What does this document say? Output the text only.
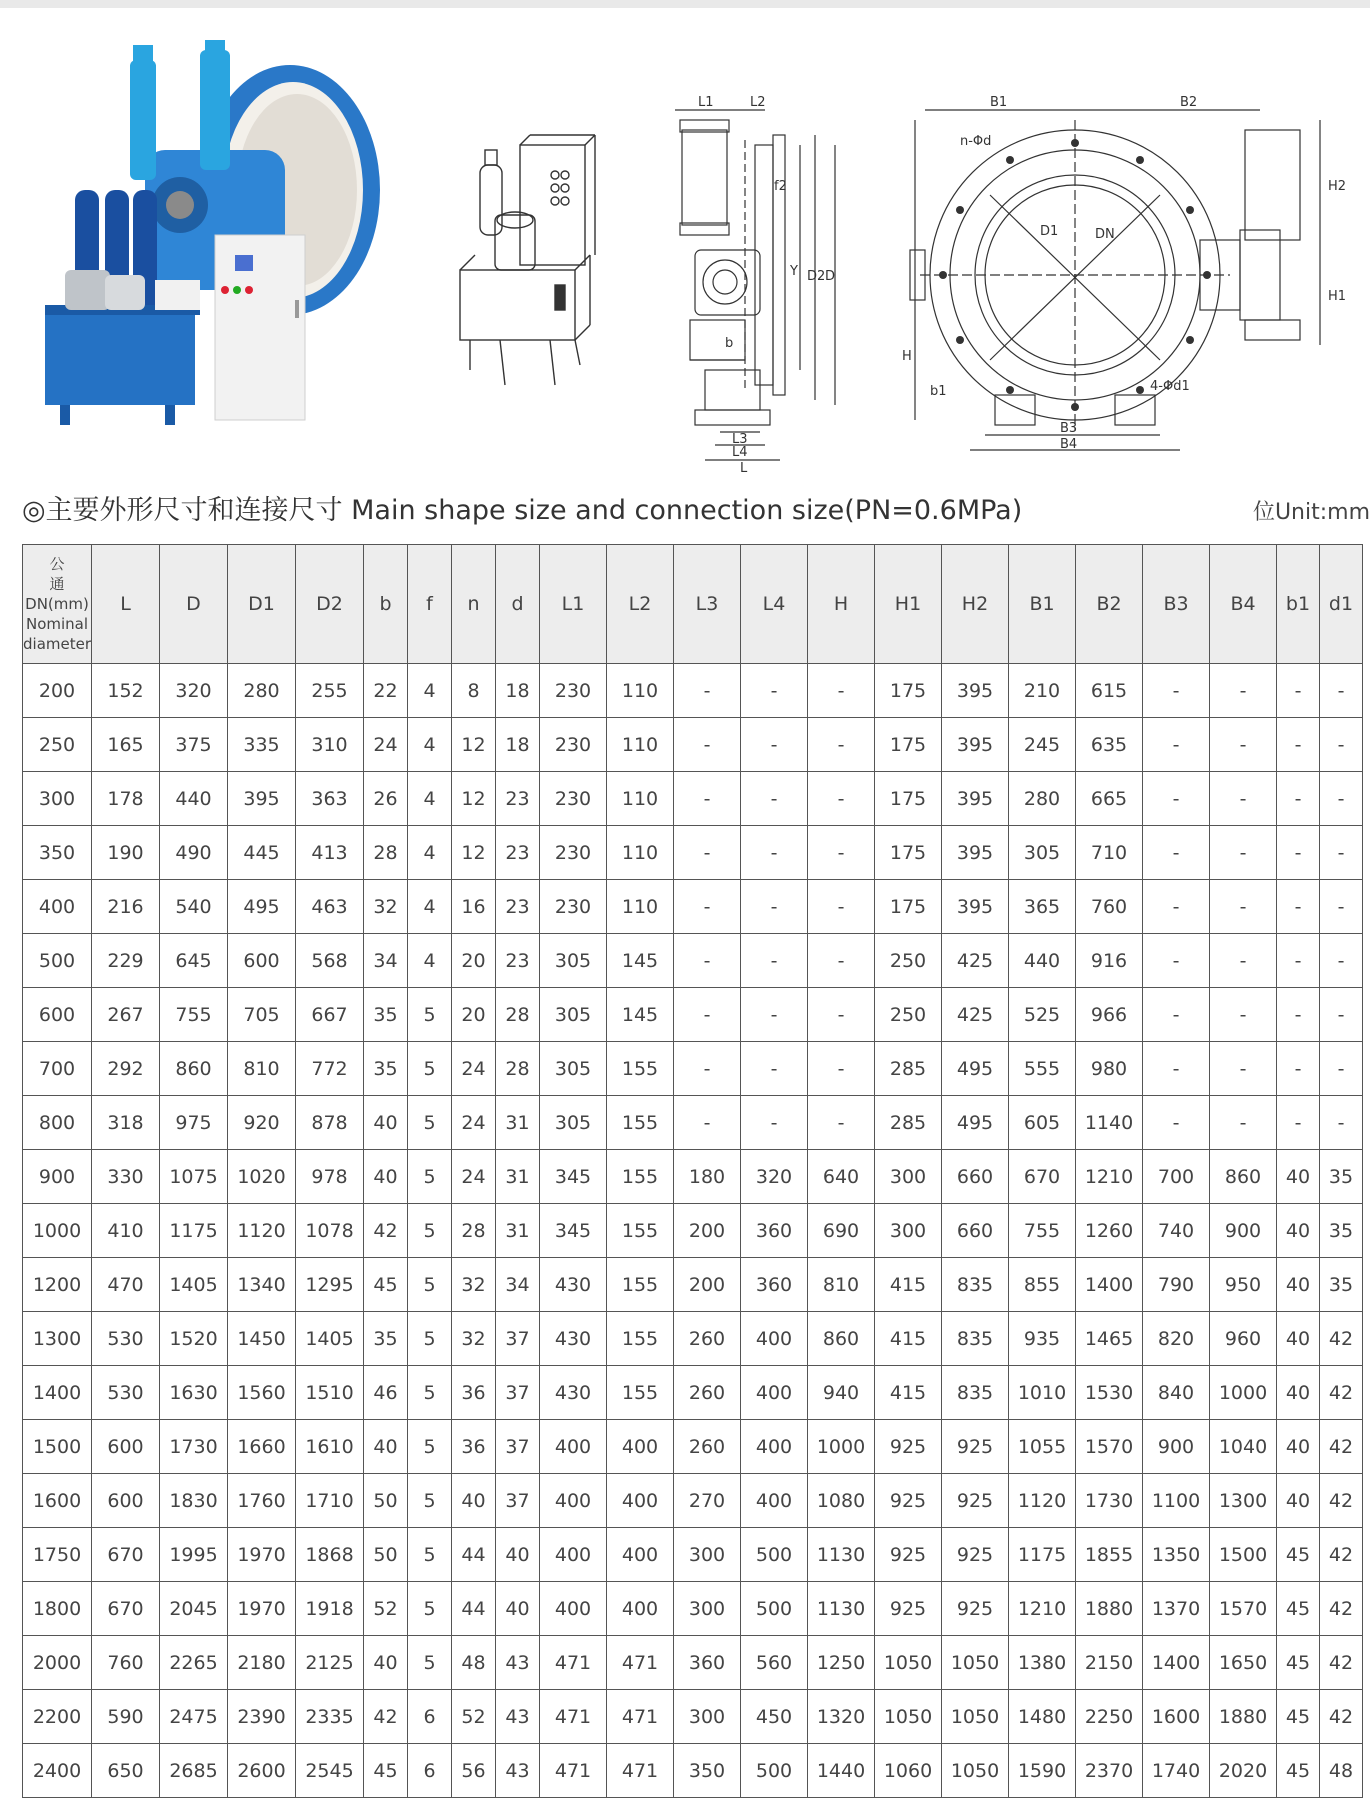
L1	L2
f2
Y D2 D
b
L3
L4
L
B1	B2
n-Φd
D1	DN
H2
H1
H
b1	4-Φd1
B3
B4
◎主要外形尺寸和连接尺寸 Main shape size and connection size(PN=0.6MPa)	位Unit:mm
公
通
DN(mm)
Nominal
diameter	L	D	D1	D2	b	f	n	d	L1	L2	L3	L4	H	H1	H2	B1	B2	B3	B4	b1	d1
200	152	320	280	255	22	4	8	18	230	110	-	-	-	175	395	210	615	-	-	-	-
250	165	375	335	310	24	4	12	18	230	110	-	-	-	175	395	245	635	-	-	-	-
300	178	440	395	363	26	4	12	23	230	110	-	-	-	175	395	280	665	-	-	-	-
350	190	490	445	413	28	4	12	23	230	110	-	-	-	175	395	305	710	-	-	-	-
400	216	540	495	463	32	4	16	23	230	110	-	-	-	175	395	365	760	-	-	-	-
500	229	645	600	568	34	4	20	23	305	145	-	-	-	250	425	440	916	-	-	-	-
600	267	755	705	667	35	5	20	28	305	145	-	-	-	250	425	525	966	-	-	-	-
700	292	860	810	772	35	5	24	28	305	155	-	-	-	285	495	555	980	-	-	-	-
800	318	975	920	878	40	5	24	31	305	155	-	-	-	285	495	605	1140	-	-	-	-
900	330	1075	1020	978	40	5	24	31	345	155	180	320	640	300	660	670	1210	700	860	40	35
1000	410	1175	1120	1078	42	5	28	31	345	155	200	360	690	300	660	755	1260	740	900	40	35
1200	470	1405	1340	1295	45	5	32	34	430	155	200	360	810	415	835	855	1400	790	950	40	35
1300	530	1520	1450	1405	35	5	32	37	430	155	260	400	860	415	835	935	1465	820	960	40	42
1400	530	1630	1560	1510	46	5	36	37	430	155	260	400	940	415	835	1010	1530	840	1000	40	42
1500	600	1730	1660	1610	40	5	36	37	400	400	260	400	1000	925	925	1055	1570	900	1040	40	42
1600	600	1830	1760	1710	50	5	40	37	400	400	270	400	1080	925	925	1120	1730	1100	1300	40	42
1750	670	1995	1970	1868	50	5	44	40	400	400	300	500	1130	925	925	1175	1855	1350	1500	45	42
1800	670	2045	1970	1918	52	5	44	40	400	400	300	500	1130	925	925	1210	1880	1370	1570	45	42
2000	760	2265	2180	2125	40	5	48	43	471	471	360	560	1250	1050	1050	1380	2150	1400	1650	45	42
2200	590	2475	2390	2335	42	6	52	43	471	471	300	450	1320	1050	1050	1480	2250	1600	1880	45	42
2400	650	2685	2600	2545	45	6	56	43	471	471	350	500	1440	1060	1050	1590	2370	1740	2020	45	48
